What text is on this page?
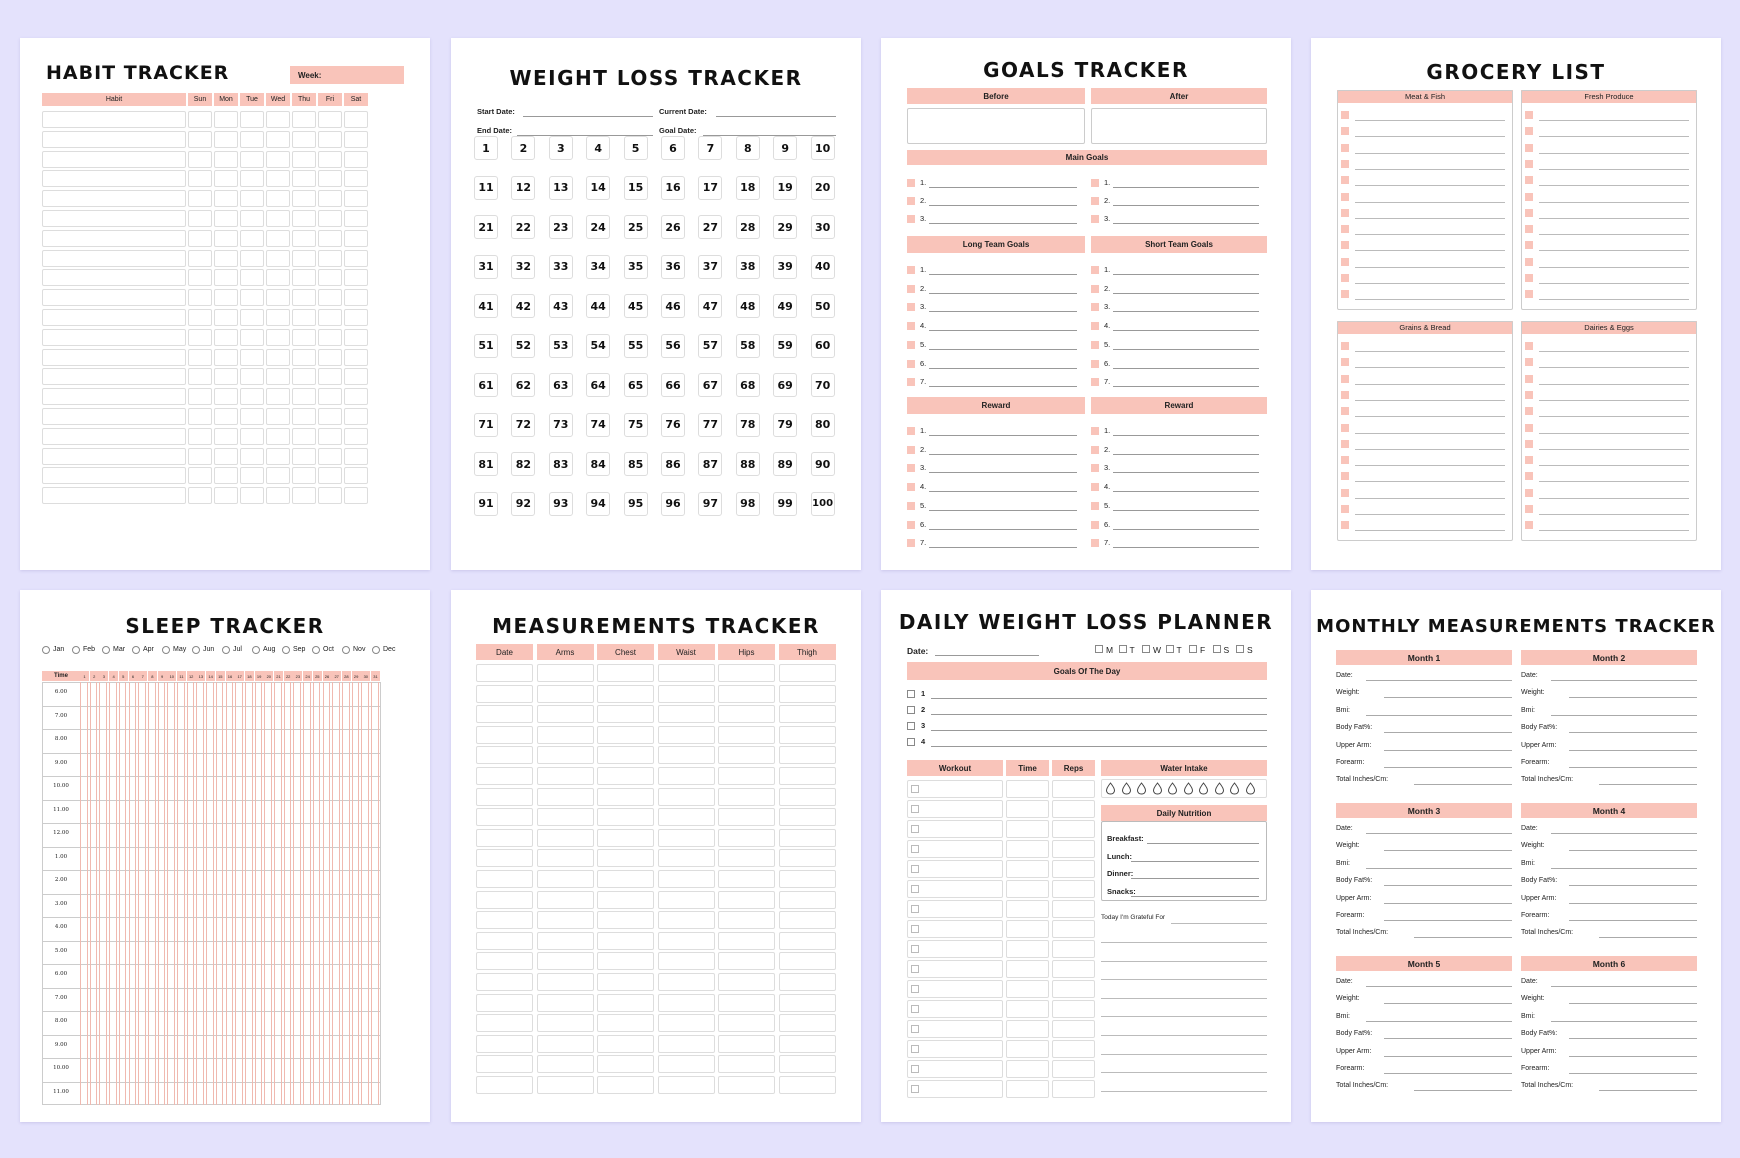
HABIT TRACKER	Week:
Habit	Sun	Mon	Tue	Wed	Thu	Fri	Sat
WEIGHT LOSS TRACKER
Start Date:	Current Date:
End Date:	Goal Date:
1	2	3	4	5	6	7	8	9	10
11	12	13	14	15	16	17	18	19	20
21	22	23	24	25	26	27	28	29	30
31	32	33	34	35	36	37	38	39	40
41	42	43	44	45	46	47	48	49	50
51	52	53	54	55	56	57	58	59	60
61	62	63	64	65	66	67	68	69	70
71	72	73	74	75	76	77	78	79	80
81	82	83	84	85	86	87	88	89	90
91	92	93	94	95	96	97	98	99	100
GOALS TRACKER
Before	After
Main Goals
1.
2.
3.
1.
2.
3.
1.
2.
3.
4.
5.
6.
7.
1.
2.
3.
4.
5.
6.
7.
1.
2.
3.
4.
5.
6.
7.
1.
2.
3.
4.
5.
6.
7.
Long Team Goals	Short Team Goals
Reward	Reward
GROCERY LIST
Meat & Fish	Fresh Produce
Grains & Bread	Dairies & Eggs
SLEEP TRACKER
Jan	Feb	Mar	Apr	May Jun	Jul	Aug	Sep	Oct	Nov	Dec
Time	1	2	3	4	5	6	7	8	9	10	11	12	13	14	15	16	17	18	19	20	21	22	23	24	25	26	27	28	29	30	31
6.00
7.00
8.00
9.00
10.00
11.00
12.00
1.00
2.00
3.00
4.00
5.00
6.00
7.00
8.00
9.00
10.00
11.00
MEASUREMENTS TRACKER
Date	Arms	Chest	Waist	Hips	Thigh
DAILY WEIGHT LOSS PLANNER
Date:	M T W T F S S
Goals Of The Day
1
2
3
4
Workout	Time	Reps	Water Intake
Daily Nutrition
Breakfast:
Lunch:
Dinner:
Snacks:
Today I'm Grateful For
MONTHLY MEASUREMENTS TRACKER
Month 1
Date:
Weight:
Bmi:
Body Fat%:
Upper Arm:
Forearm:
Total Inches/Cm:
Month 2
Date:
Weight:
Bmi:
Body Fat%:
Upper Arm:
Forearm:
Total Inches/Cm:
Month 3
Date:
Weight:
Bmi:
Body Fat%:
Upper Arm:
Forearm:
Total Inches/Cm:
Month 4
Date:
Weight:
Bmi:
Body Fat%:
Upper Arm:
Forearm:
Total Inches/Cm:
Month 5
Date:
Weight:
Bmi:
Body Fat%:
Upper Arm:
Forearm:
Total Inches/Cm:
Month 6
Date:
Weight:
Bmi:
Body Fat%:
Upper Arm:
Forearm:
Total Inches/Cm:
